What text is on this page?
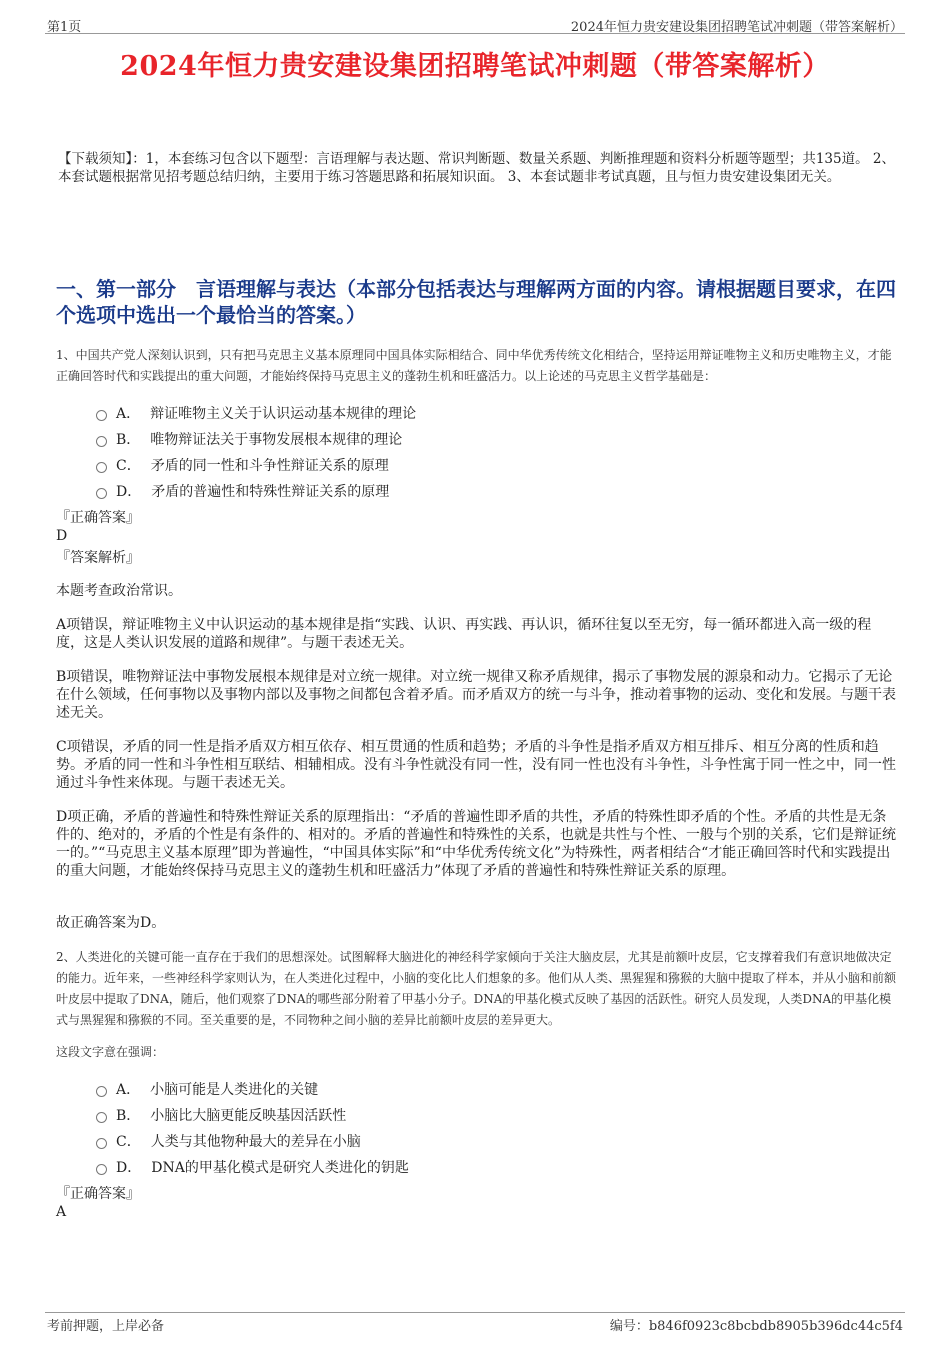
第1页	2024年恒力贵安建设集团招聘笔试冲刺题（带答案解析）
2024年恒力贵安建设集团招聘笔试冲刺题（带答案解析）

【下载须知】：1，本套练习包含以下题型：言语理解与表达题、常识判断题、数量关系题、判断推理题和资料分析题等题型；共135道。 2、本套试题根据常见招考题总结归纳，主要用于练习答题思路和拓展知识面。 3、本套试题非考试真题，且与恒力贵安建设集团无关。

一、第一部分　言语理解与表达（本部分包括表达与理解两方面的内容。请根据题目要求，在四个选项中选出一个最恰当的答案。）

1、中国共产党人深刻认识到，只有把马克思主义基本原理同中国具体实际相结合、同中华优秀传统文化相结合，坚持运用辩证唯物主义和历史唯物主义，才能正确回答时代和实践提出的重大问题，才能始终保持马克思主义的蓬勃生机和旺盛活力。以上论述的马克思主义哲学基础是：

A． 辩证唯物主义关于认识运动基本规律的理论
B． 唯物辩证法关于事物发展根本规律的理论
C． 矛盾的同一性和斗争性辩证关系的原理
D． 矛盾的普遍性和特殊性辩证关系的原理
『正确答案』
D
『答案解析』

本题考查政治常识。

A项错误，辩证唯物主义中认识运动的基本规律是指“实践、认识、再实践、再认识，循环往复以至无穷，每一循环都进入高一级的程度，这是人类认识发展的道路和规律”。与题干表述无关。

B项错误，唯物辩证法中事物发展根本规律是对立统一规律。对立统一规律又称矛盾规律，揭示了事物发展的源泉和动力。它揭示了无论在什么领域，任何事物以及事物内部以及事物之间都包含着矛盾。而矛盾双方的统一与斗争，推动着事物的运动、变化和发展。与题干表述无关。

C项错误，矛盾的同一性是指矛盾双方相互依存、相互贯通的性质和趋势；矛盾的斗争性是指矛盾双方相互排斥、相互分离的性质和趋势。矛盾的同一性和斗争性相互联结、相辅相成。没有斗争性就没有同一性，没有同一性也没有斗争性，斗争性寓于同一性之中，同一性通过斗争性来体现。与题干表述无关。

D项正确，矛盾的普遍性和特殊性辩证关系的原理指出：“矛盾的普遍性即矛盾的共性，矛盾的特殊性即矛盾的个性。矛盾的共性是无条件的、绝对的，矛盾的个性是有条件的、相对的。矛盾的普遍性和特殊性的关系，也就是共性与个性、一般与个别的关系，它们是辩证统一的。”“马克思主义基本原理”即为普遍性，“中国具体实际”和“中华优秀传统文化”为特殊性，两者相结合“才能正确回答时代和实践提出的重大问题，才能始终保持马克思主义的蓬勃生机和旺盛活力”体现了矛盾的普遍性和特殊性辩证关系的原理。

故正确答案为D。

2、人类进化的关键可能一直存在于我们的思想深处。试图解释大脑进化的神经科学家倾向于关注大脑皮层，尤其是前额叶皮层，它支撑着我们有意识地做决定的能力。近年来，一些神经科学家则认为，在人类进化过程中，小脑的变化比人们想象的多。他们从人类、黑猩猩和猕猴的大脑中提取了样本，并从小脑和前额叶皮层中提取了DNA，随后，他们观察了DNA的哪些部分附着了甲基小分子。DNA的甲基化模式反映了基因的活跃性。研究人员发现，人类DNA的甲基化模式与黑猩猩和猕猴的不同。至关重要的是，不同物种之间小脑的差异比前额叶皮层的差异更大。

这段文字意在强调：

A． 小脑可能是人类进化的关键
B． 小脑比大脑更能反映基因活跃性
C． 人类与其他物种最大的差异在小脑
D． DNA的甲基化模式是研究人类进化的钥匙
『正确答案』
A
考前押题，上岸必备	编号：b846f0923c8bcbdb8905b396dc44c5f4
